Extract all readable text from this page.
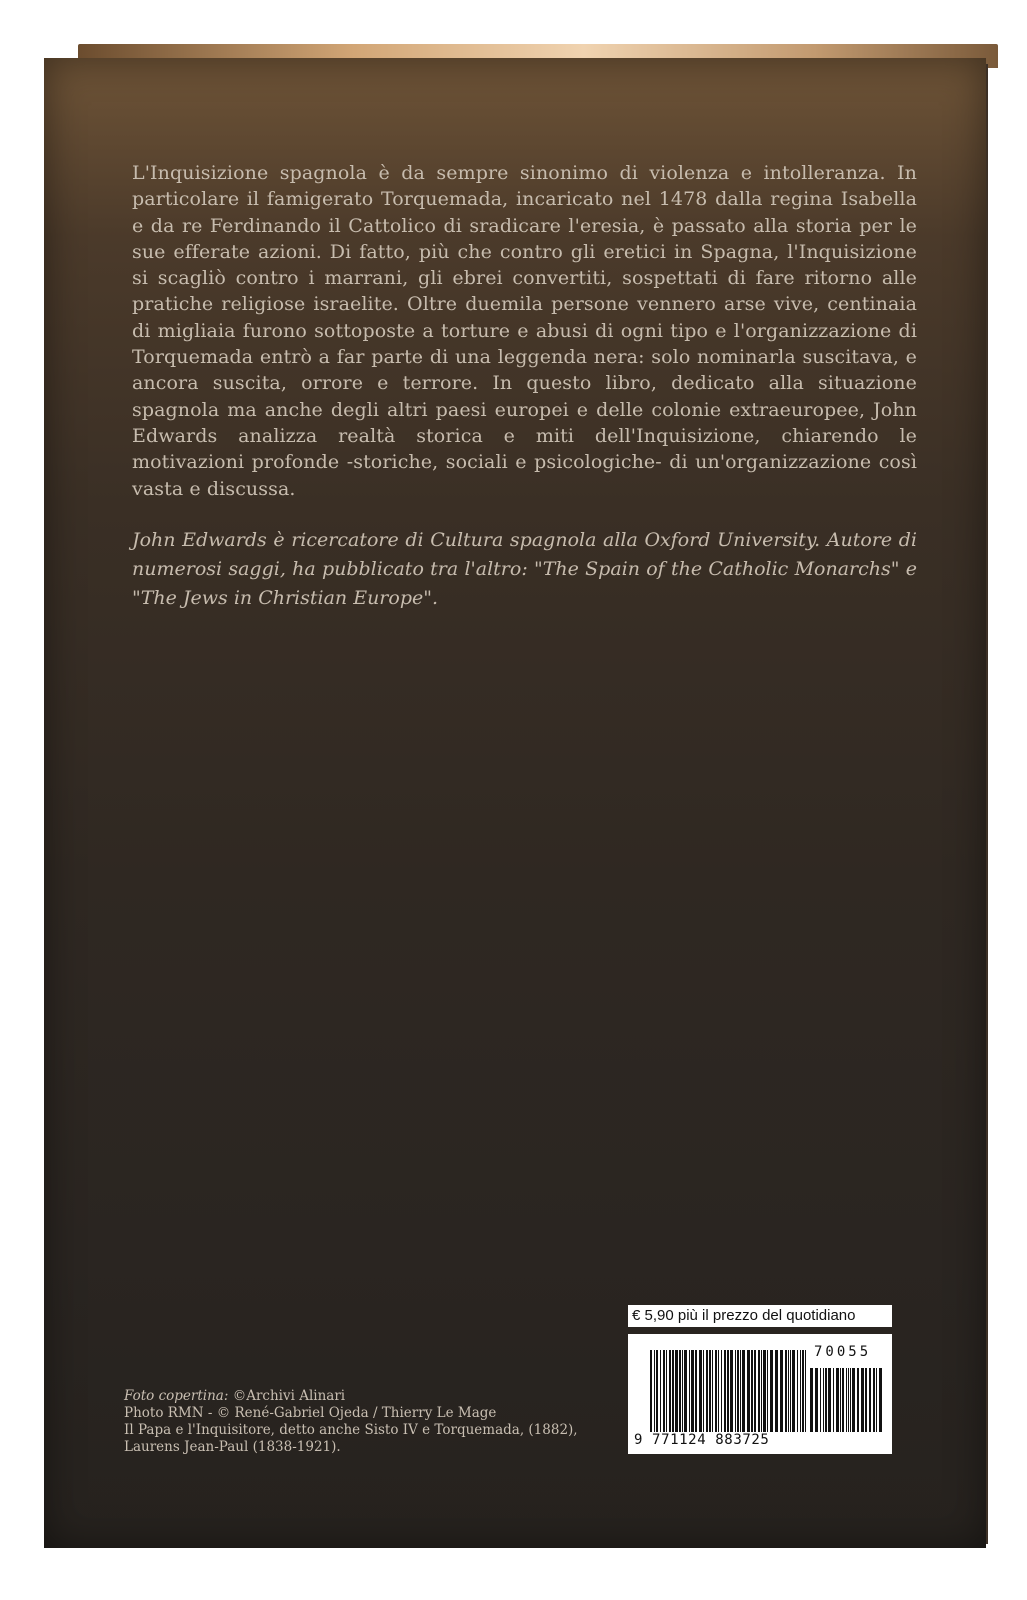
L'Inquisizione spagnola è da sempre sinonimo di violenza e intolleranza. In particolare il famigerato Torquemada, incaricato nel 1478 dalla regina Isabella e da re Ferdinando il Cattolico di sradicare l'eresia, è passato alla storia per le sue efferate azioni. Di fatto, più che contro gli eretici in Spagna, l'Inquisizione si scagliò contro i marrani, gli ebrei convertiti, sospettati di fare ritorno alle pratiche religiose israelite. Oltre duemila persone vennero arse vive, centinaia di migliaia furono sottoposte a torture e abusi di ogni tipo e l'organizzazione di Torquemada entrò a far parte di una leggenda nera: solo nominarla suscitava, e ancora suscita, orrore e terrore. In questo libro, dedicato alla situazione spagnola ma anche degli altri paesi europei e delle colonie extraeuropee, John Edwards analizza realtà storica e miti dell'Inquisizione, chiarendo le motivazioni profonde -storiche, sociali e psicologiche- di un'organizzazione così vasta e discussa.

John Edwards è ricercatore di Cultura spagnola alla Oxford University. Autore di numerosi saggi, ha pubblicato tra l'altro: "The Spain of the Catholic Monarchs" e "The Jews in Christian Europe".

Foto copertina: ©Archivi Alinari
Photo RMN - © René-Gabriel Ojeda / Thierry Le Mage
Il Papa e l'Inquisitore, detto anche Sisto IV e Torquemada, (1882),
Laurens Jean-Paul (1838-1921).
€ 5,90 più il prezzo del quotidiano
70055
9 771124 883725
